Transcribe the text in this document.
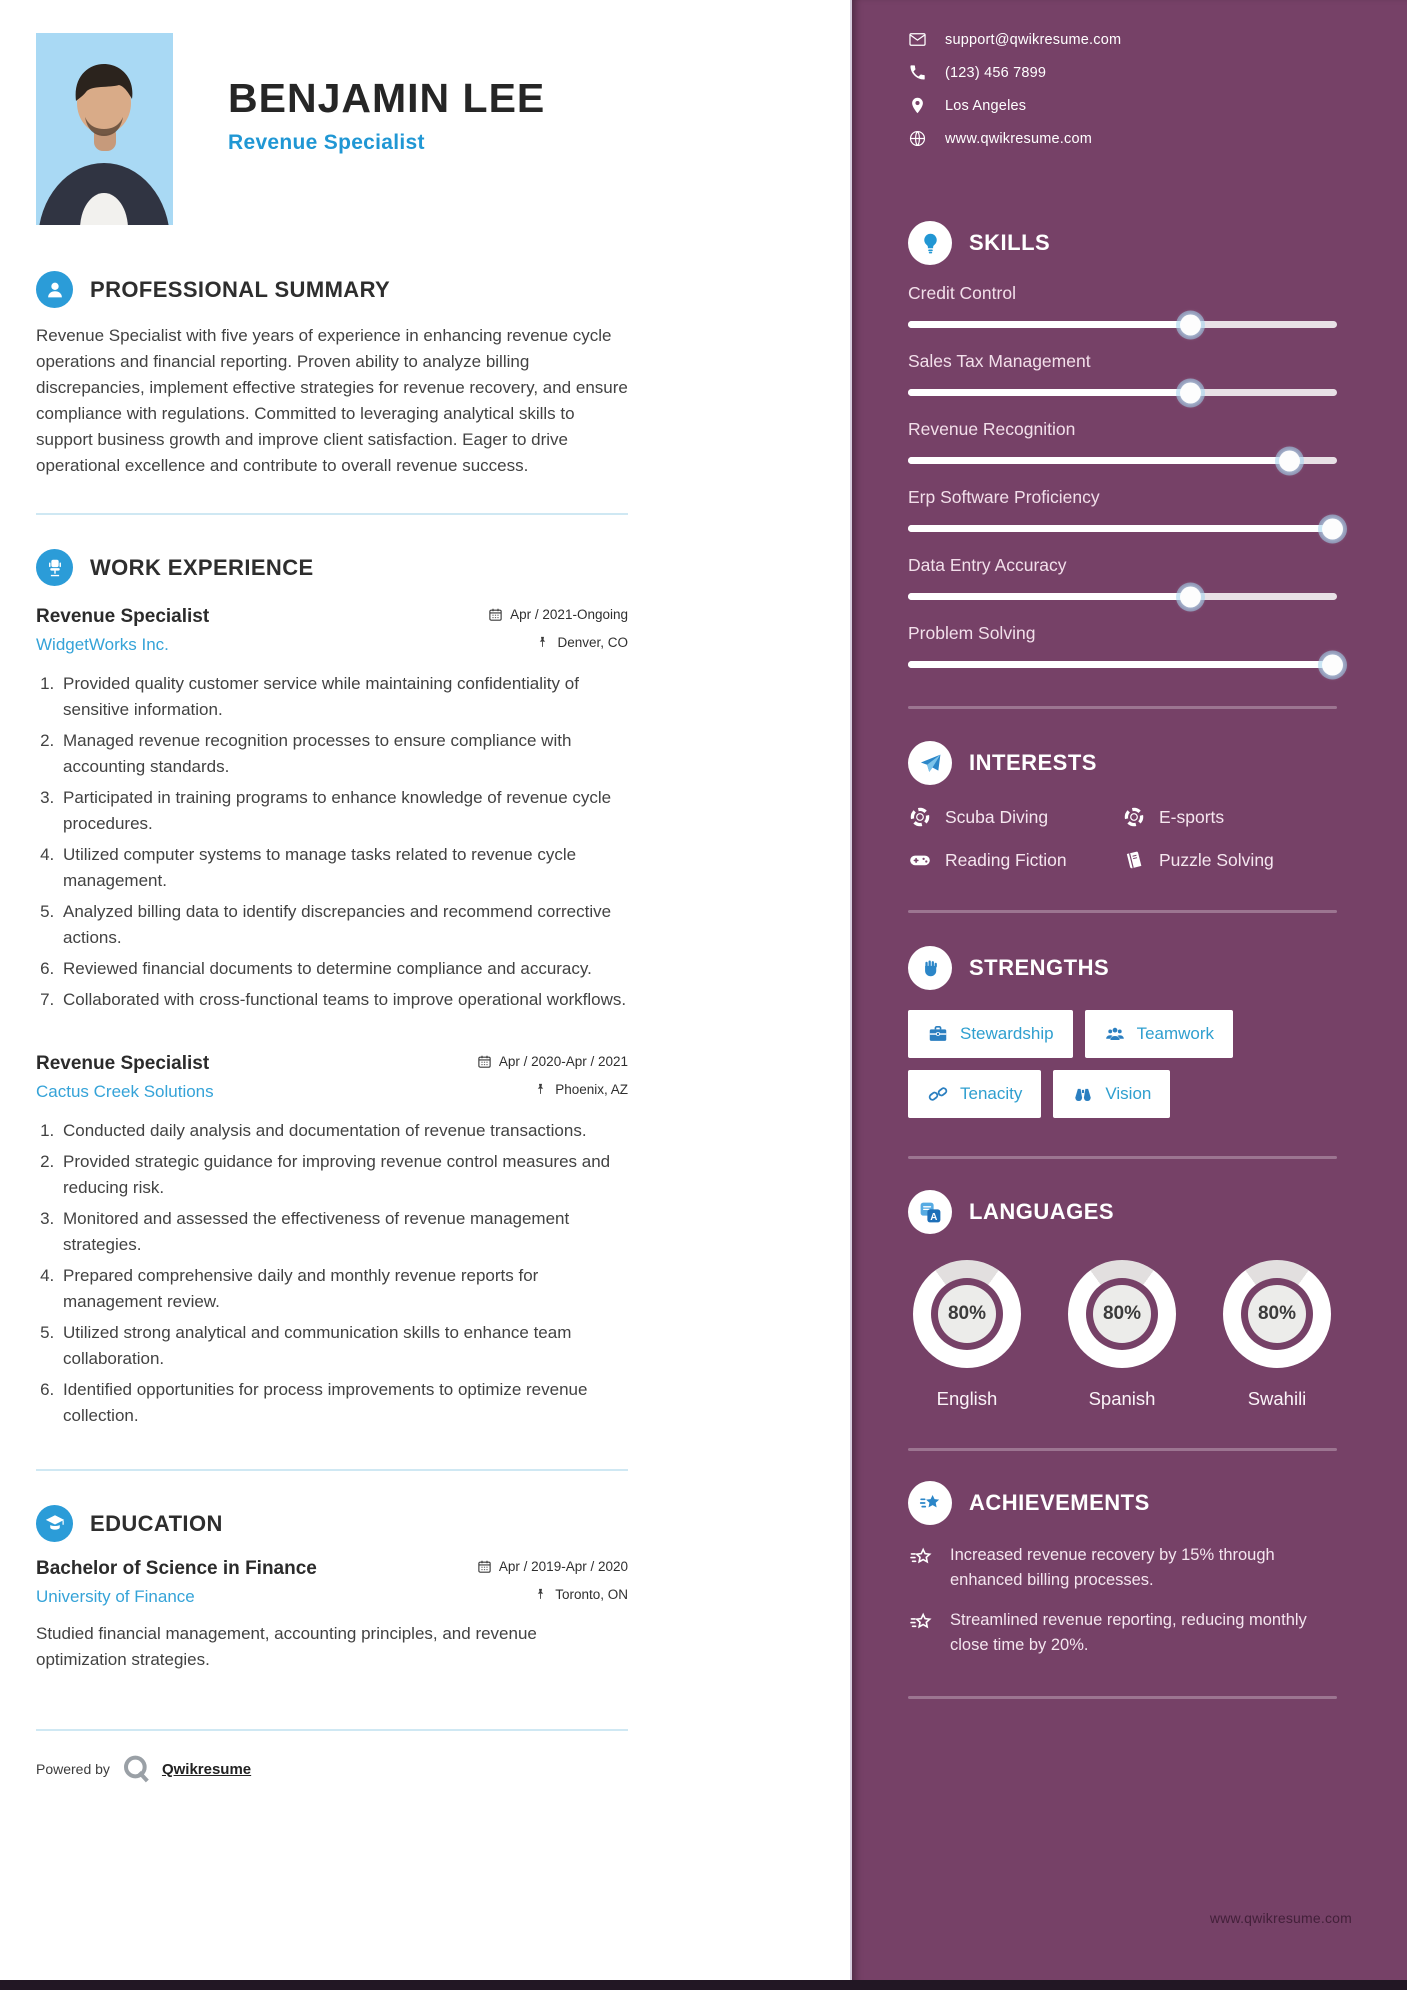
BENJAMIN LEE
Revenue Specialist
PROFESSIONAL SUMMARY

Revenue Specialist with five years of experience in enhancing revenue cycle operations and financial reporting. Proven ability to analyze billing discrepancies, implement effective strategies for revenue recovery, and ensure compliance with regulations. Committed to leveraging analytical skills to support business growth and improve client satisfaction. Eager to drive operational excellence and contribute to overall revenue success.

WORK EXPERIENCE
Revenue Specialist	Apr / 2021-Ongoing
WidgetWorks Inc.	Denver, CO
1. Provided quality customer service while maintaining confidentiality of sensitive information.
2. Managed revenue recognition processes to ensure compliance with accounting standards.
3. Participated in training programs to enhance knowledge of revenue cycle procedures.
4. Utilized computer systems to manage tasks related to revenue cycle management.
5. Analyzed billing data to identify discrepancies and recommend corrective actions.
6. Reviewed financial documents to determine compliance and accuracy.
7. Collaborated with cross-functional teams to improve operational workflows.
Revenue Specialist	Apr / 2020-Apr / 2021
Cactus Creek Solutions	Phoenix, AZ
1. Conducted daily analysis and documentation of revenue transactions.
2. Provided strategic guidance for improving revenue control measures and reducing risk.
3. Monitored and assessed the effectiveness of revenue management strategies.
4. Prepared comprehensive daily and monthly revenue reports for management review.
5. Utilized strong analytical and communication skills to enhance team collaboration.
6. Identified opportunities for process improvements to optimize revenue collection.
EDUCATION
Bachelor of Science in Finance	Apr / 2019-Apr / 2020
University of Finance	Toronto, ON

Studied financial management, accounting principles, and revenue optimization strategies.

Powered by	Qwikresume
support@qwikresume.com
(123) 456 7899
Los Angeles
www.qwikresume.com
SKILLS
Credit Control
Sales Tax Management
Revenue Recognition
Erp Software Proficiency
Data Entry Accuracy
Problem Solving
INTERESTS
Scuba Diving	E-sports
Reading Fiction	Puzzle Solving
STRENGTHS
Stewardship	Teamwork
Tenacity	Vision
A LANGUAGES
80%
English
80%
Spanish
80%
Swahili
ACHIEVEMENTS
Increased revenue recovery by 15% through enhanced billing processes.
Streamlined revenue reporting, reducing monthly close time by 20%.
www.qwikresume.com
